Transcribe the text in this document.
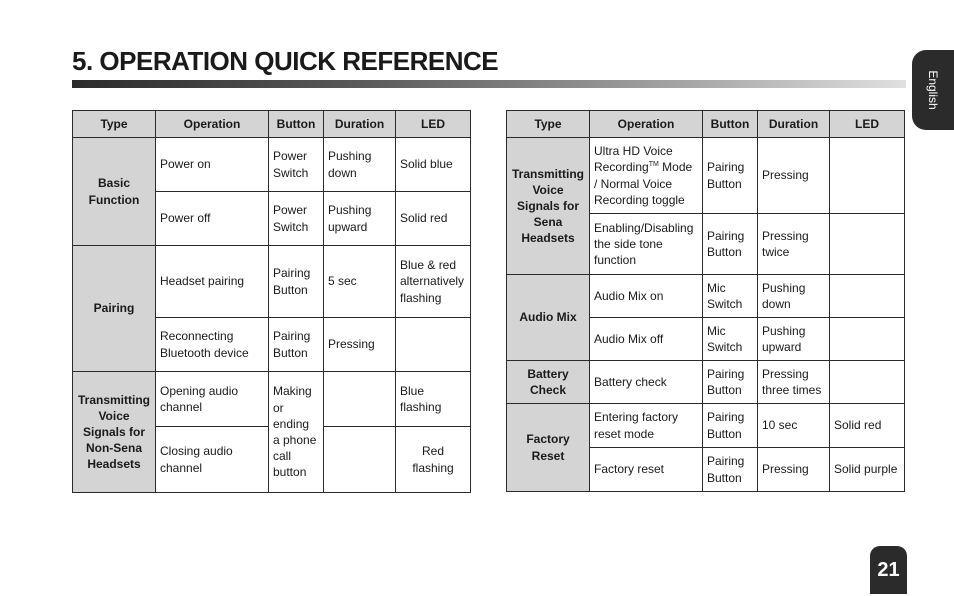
5. OPERATION QUICK REFERENCE
English
Type	Operation	Button	Duration	LED
Basic Function	Power on	Power Switch	Pushing down	Solid blue
	Power off	Power Switch	Pushing upward	Solid red
Pairing	Headset pairing	Pairing Button	5 sec	Blue & red alternatively flashing
	Reconnecting Bluetooth device	Pairing Button	Pressing	
Transmitting Voice Signals for Non-Sena Headsets	Opening audio channel	Making or ending a phone call button		Blue flashing
	Closing audio channel			Red flashing
Type	Operation	Button	Duration	LED
Transmitting Voice Signals for Sena Headsets	Ultra HD Voice Recording™ Mode / Normal Voice Recording toggle	Pairing Button	Pressing	
	Enabling/Disabling the side tone function	Pairing Button	Pressing twice	
Audio Mix	Audio Mix on	Mic Switch	Pushing down	
	Audio Mix off	Mic Switch	Pushing upward	
Battery Check	Battery check	Pairing Button	Pressing three times	
Factory Reset	Entering factory reset mode	Pairing Button	10 sec	Solid red
	Factory reset	Pairing Button	Pressing	Solid purple
21
